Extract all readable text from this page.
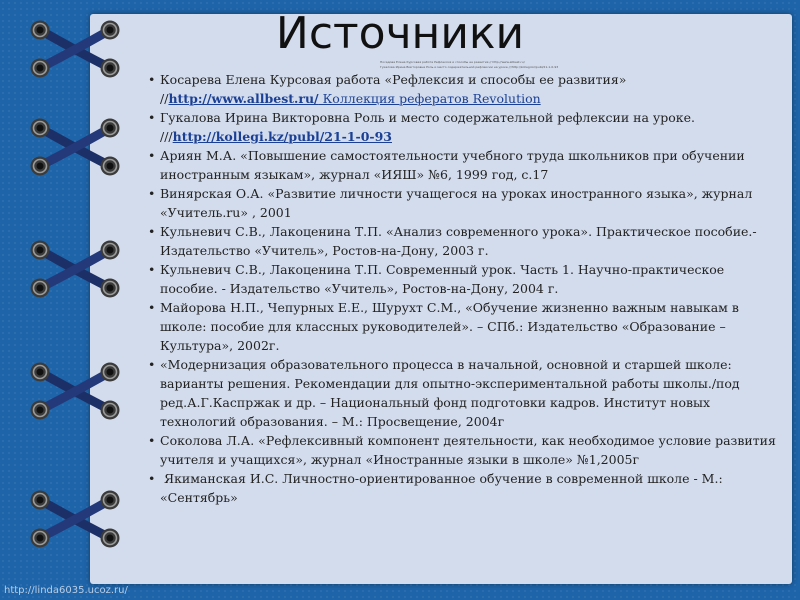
Источники
Посадова Елена Курсовая работа Рефлексия и способы ее развития // http://www.allbest.ru/
Гукалова Ирина Викторовна Роль и место содержательной рефлексии на уроке ///http://kollegi.kz/publ/21-1-0-93
• Косарева Елена Курсовая работа «Рефлексия и способы ее развития» //http://www.allbest.ru/ Коллекция рефератов Revolution
• Гукалова Ирина Викторовна Роль и место содержательной рефлексии на уроке. ///http://kollegi.kz/publ/21-1-0-93
• Ариян М.А. «Повышение самостоятельности учебного труда школьников при обучении иностранным языкам», журнал «ИЯШ» №6, 1999 год, с.17
• Винярская О.А. «Развитие личности учащегося на уроках иностранного языка», журнал «Учитель.ru» , 2001
• Кульневич С.В., Лакоценина Т.П. «Анализ современного урока». Практическое пособие.- Издательство «Учитель», Ростов-на-Дону, 2003 г.
• Кульневич С.В., Лакоценина Т.П. Современный урок. Часть 1. Научно-практическое пособие. - Издательство «Учитель», Ростов-на-Дону, 2004 г.
• Майорова Н.П., Чепурных Е.Е., Шурухт С.М., «Обучение жизненно важным навыкам в школе: пособие для классных руководителей». – СПб.: Издательство «Образование – Культура», 2002г.
• «Модернизация образовательного процесса в начальной, основной и старшей школе: варианты решения. Рекомендации для опытно-экспериментальной работы школы./под ред.А.Г.Каспржак и др. – Национальный фонд подготовки кадров. Институт новых технологий образования. – М.: Просвещение, 2004г
• Соколова Л.А. «Рефлексивный компонент деятельности, как необходимое условие развития учителя и учащихся», журнал «Иностранные языки в школе» №1,2005г
• Якиманская И.С. Личностно-ориентированное обучение в современной школе - М.: «Сентябрь»
http://linda6035.ucoz.ru/
